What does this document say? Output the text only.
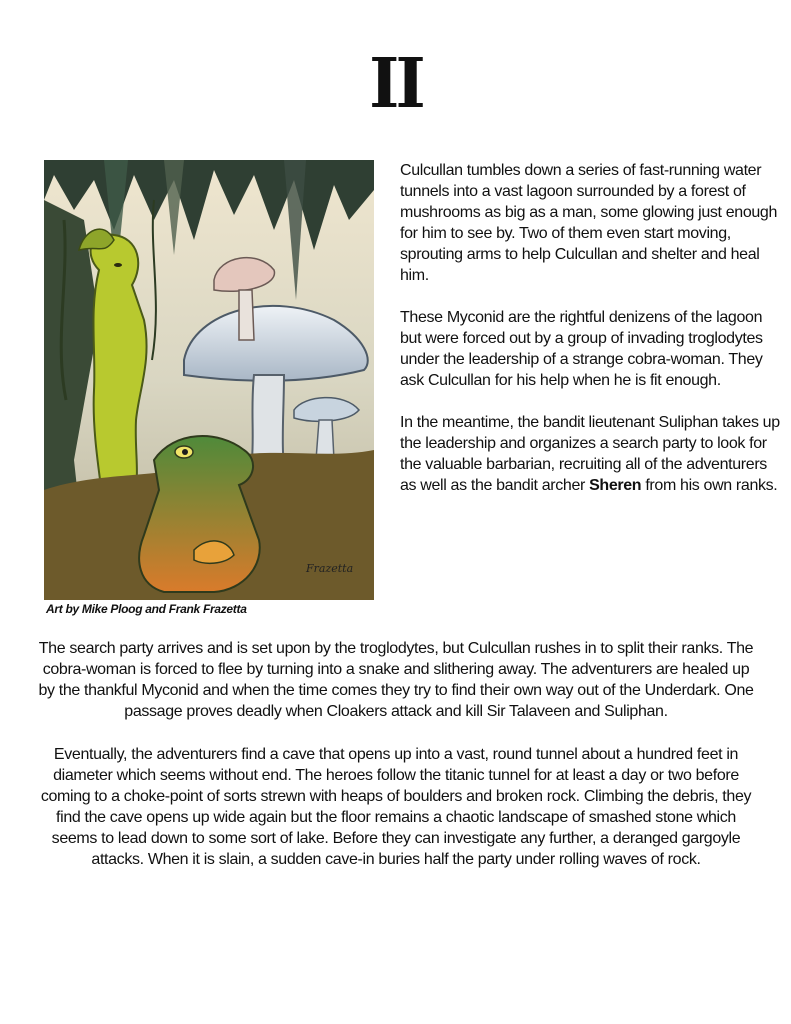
II
Frazetta
Art by Mike Ploog and Frank Frazetta

Culcullan tumbles down a series of fast-running water tunnels into a vast lagoon surrounded by a forest of mushrooms as big as a man, some glowing just enough for him to see by. Two of them even start moving, sprouting arms to help Culcullan and shelter and heal him.

These Myconid are the rightful denizens of the lagoon but were forced out by a group of invading troglodytes under the leadership of a strange cobra-woman. They ask Culcullan for his help when he is fit enough.

In the meantime, the bandit lieutenant Suliphan takes up the leadership and organizes a search party to look for the valuable barbarian, recruiting all of the adventurers as well as the bandit archer Sheren from his own ranks.

The search party arrives and is set upon by the troglodytes, but Culcullan rushes in to split their ranks. The cobra-woman is forced to flee by turning into a snake and slithering away. The adventurers are healed up by the thankful Myconid and when the time comes they try to find their own way out of the Underdark. One passage proves deadly when Cloakers attack and kill Sir Talaveen and Suliphan.

Eventually, the adventurers find a cave that opens up into a vast, round tunnel about a hundred feet in diameter which seems without end. The heroes follow the titanic tunnel for at least a day or two before coming to a choke-point of sorts strewn with heaps of boulders and broken rock. Climbing the debris, they find the cave opens up wide again but the floor remains a chaotic landscape of smashed stone which seems to lead down to some sort of lake. Before they can investigate any further, a deranged gargoyle attacks. When it is slain, a sudden cave-in buries half the party under rolling waves of rock.
